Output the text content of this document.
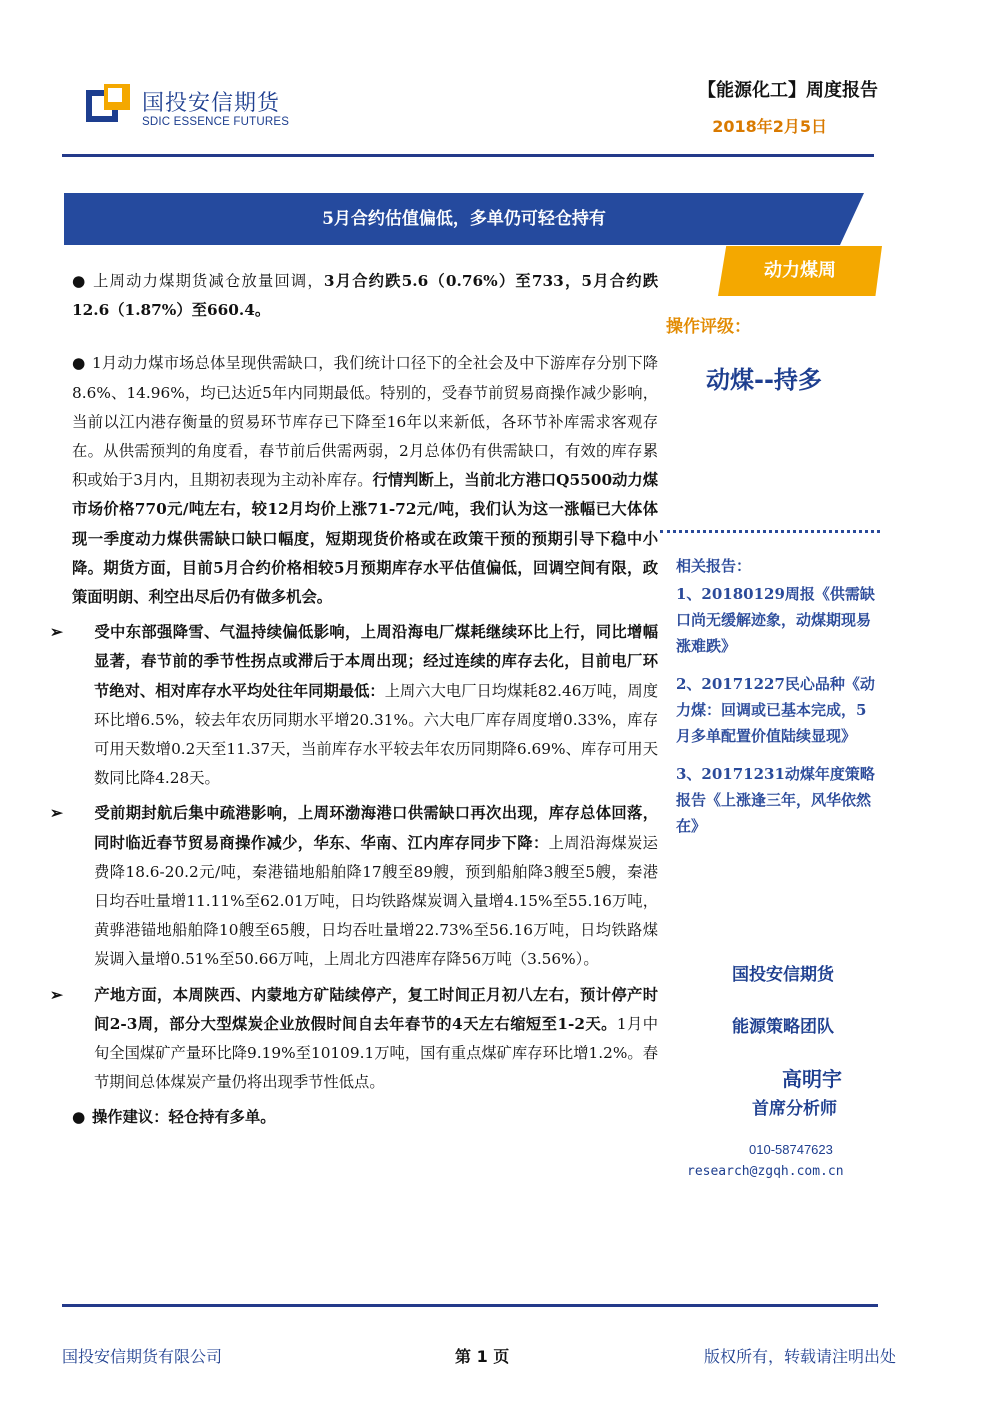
国投安信期货
SDIC ESSENCE FUTURES
【能源化工】周度报告
2018年2月5日
5月合约估值偏低，多单仍可轻仓持有
动力煤周
操作评级：
动煤--持多
相关报告：

1、20180129周报《供需缺口尚无缓解迹象，动煤期现易涨难跌》

2、20171227民心品种《动力煤：回调或已基本完成，5月多单配置价值陆续显现》

3、20171231动煤年度策略报告《上涨逢三年，风华依然在》

国投安信期货
能源策略团队
高明宇
首席分析师
010-58747623
research@zgqh.com.cn

● 上周动力煤期货减仓放量回调，3月合约跌5.6（0.76%）至733，5月合约跌12.6（1.87%）至660.4。

● 1月动力煤市场总体呈现供需缺口，我们统计口径下的全社会及中下游库存分别下降8.6%、14.96%，均已达近5年内同期最低。特别的，受春节前贸易商操作减少影响，当前以江内港存衡量的贸易环节库存已下降至16年以来新低，各环节补库需求客观存在。从供需预判的角度看，春节前后供需两弱，2月总体仍有供需缺口，有效的库存累积或始于3月内，且期初表现为主动补库存。行情判断上，当前北方港口Q5500动力煤市场价格770元/吨左右，较12月均价上涨71-72元/吨，我们认为这一涨幅已大体体现一季度动力煤供需缺口缺口幅度，短期现货价格或在政策干预的预期引导下稳中小降。期货方面，目前5月合约价格相较5月预期库存水平估值偏低，回调空间有限，政策面明朗、利空出尽后仍有做多机会。

➢ 受中东部强降雪、气温持续偏低影响，上周沿海电厂煤耗继续环比上行，同比增幅显著，春节前的季节性拐点或滞后于本周出现；经过连续的库存去化，目前电厂环节绝对、相对库存水平均处往年同期最低：上周六大电厂日均煤耗82.46万吨，周度环比增6.5%，较去年农历同期水平增20.31%。六大电厂库存周度增0.33%，库存可用天数增0.2天至11.37天，当前库存水平较去年农历同期降6.69%、库存可用天数同比降4.28天。

➢ 受前期封航后集中疏港影响，上周环渤海港口供需缺口再次出现，库存总体回落，同时临近春节贸易商操作减少，华东、华南、江内库存同步下降：上周沿海煤炭运费降18.6-20.2元/吨，秦港锚地船舶降17艘至89艘，预到船舶降3艘至5艘，秦港日均吞吐量增11.11%至62.01万吨，日均铁路煤炭调入量增4.15%至55.16万吨，黄骅港锚地船舶降10艘至65艘，日均吞吐量增22.73%至56.16万吨，日均铁路煤炭调入量增0.51%至50.66万吨，上周北方四港库存降56万吨（3.56%）。

➢ 产地方面，本周陕西、内蒙地方矿陆续停产，复工时间正月初八左右，预计停产时间2-3周，部分大型煤炭企业放假时间自去年春节的4天左右缩短至1-2天。1月中旬全国煤矿产量环比降9.19%至10109.1万吨，国有重点煤矿库存环比增1.2%。春节期间总体煤炭产量仍将出现季节性低点。

● 操作建议：轻仓持有多单。

国投安信期货有限公司	第 1 页	版权所有，转载请注明出处
